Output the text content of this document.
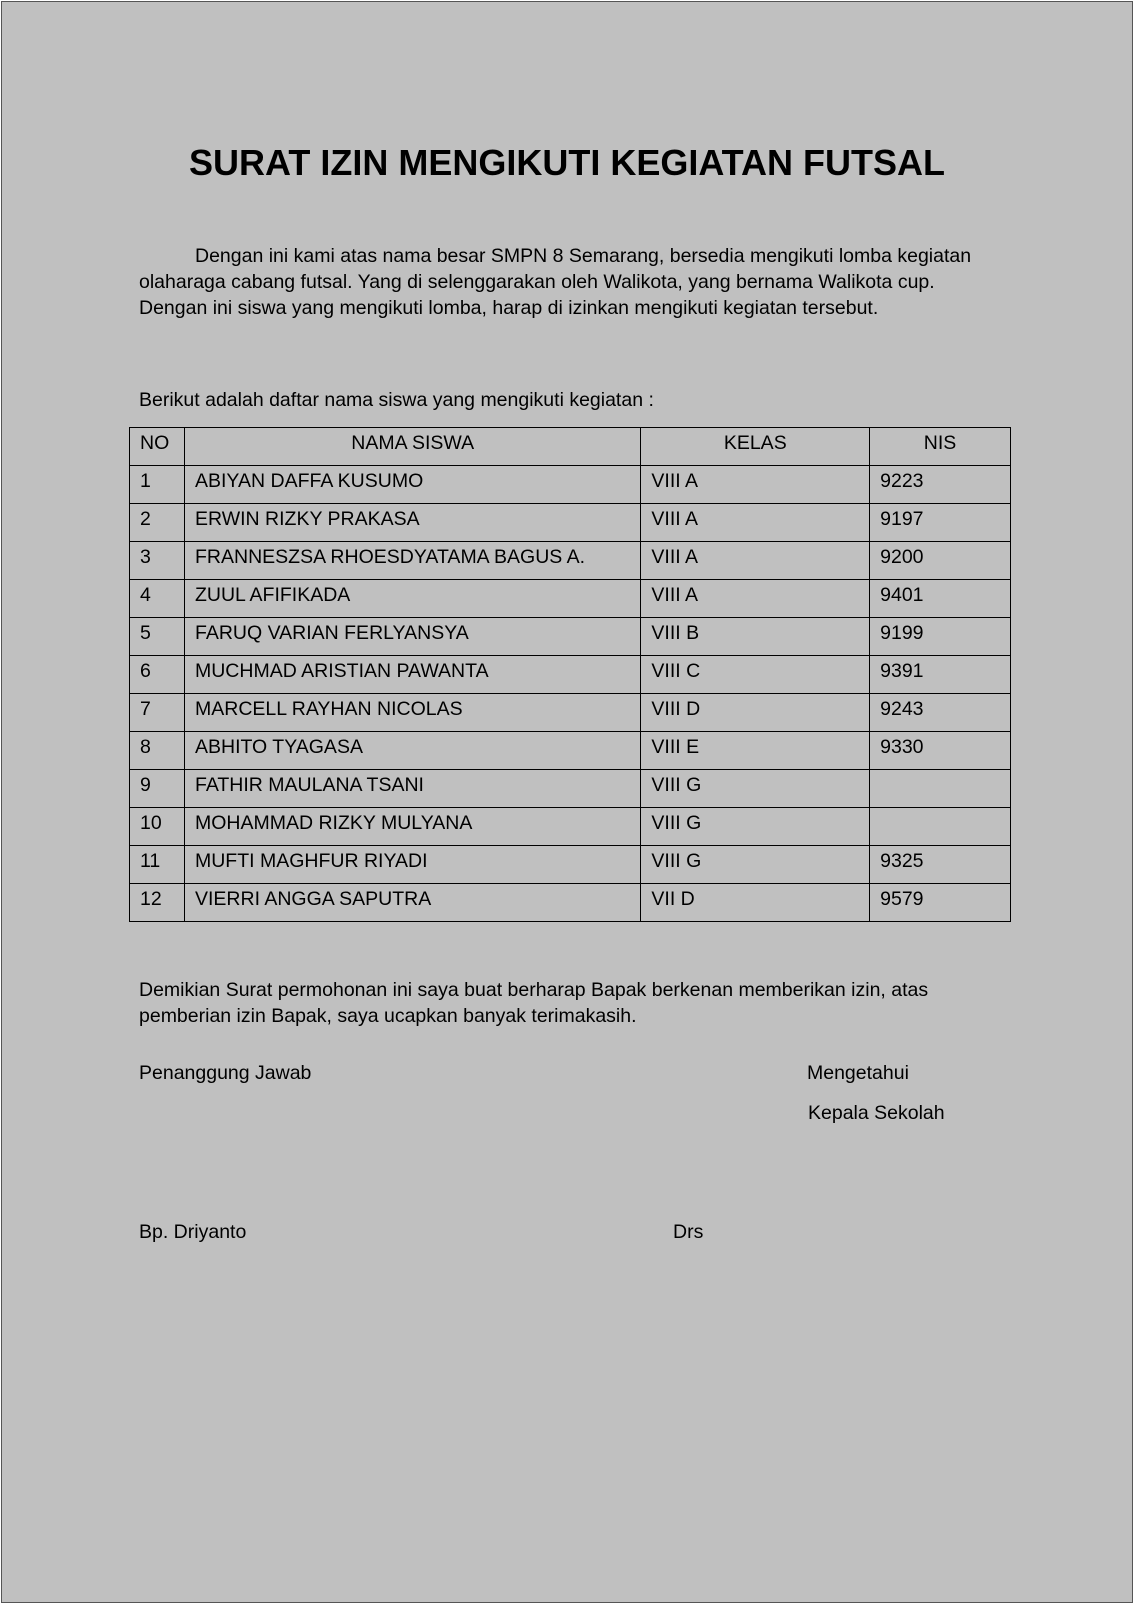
SURAT IZIN MENGIKUTI KEGIATAN FUTSAL

Dengan ini kami atas nama besar SMPN 8 Semarang, bersedia mengikuti lomba kegiatan olaharaga cabang futsal. Yang di selenggarakan oleh Walikota, yang bernama Walikota cup. Dengan ini siswa yang mengikuti lomba, harap di izinkan mengikuti kegiatan tersebut.

Berikut adalah daftar nama siswa yang mengikuti kegiatan :

NO	NAMA SISWA	KELAS	NIS
1	ABIYAN DAFFA KUSUMO	VIII A	9223
2	ERWIN RIZKY PRAKASA	VIII A	9197
3	FRANNESZSA RHOESDYATAMA BAGUS A.	VIII A	9200
4	ZUUL AFIFIKADA	VIII A	9401
5	FARUQ VARIAN FERLYANSYA	VIII B	9199
6	MUCHMAD ARISTIAN PAWANTA	VIII C	9391
7	MARCELL RAYHAN NICOLAS	VIII D	9243
8	ABHITO TYAGASA	VIII E	9330
9	FATHIR MAULANA TSANI	VIII G	
10	MOHAMMAD RIZKY MULYANA	VIII G	
11	MUFTI MAGHFUR RIYADI	VIII G	9325
12	VIERRI ANGGA SAPUTRA	VII D	9579

Demikian Surat permohonan ini saya buat berharap Bapak berkenan memberikan izin, atas pemberian izin Bapak, saya ucapkan banyak terimakasih.

Penanggung Jawab	Mengetahui

Kepala Sekolah

Bp. Driyanto	Drs
